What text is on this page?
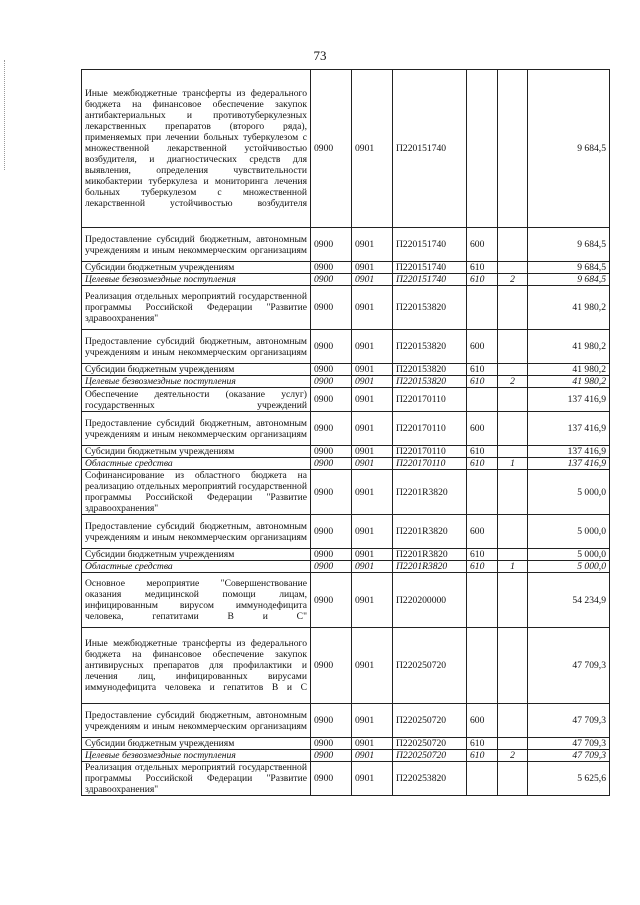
73
Иные межбюджетные трансферты из федерального бюджета на финансовое обеспечение закупок антибактериальных и противотуберкулезных лекарственных препаратов (второго ряда), применяемых при лечении больных туберкулезом с множественной лекарственной устойчивостью возбудителя, и диагностических средств для выявления, определения чувствительности микобактерии туберкулеза и мониторинга лечения больных туберкулезом с множественной лекарственной устойчивостью возбудителя	0900	0901	П220151740			9 684,5
Предоставление субсидий бюджетным, автономным учреждениям и иным некоммерческим организациям	0900	0901	П220151740	600		9 684,5
Субсидии бюджетным учреждениям	0900	0901	П220151740	610		9 684,5
Целевые безвозмездные поступления	0900	0901	П220151740	610	2	9 684,5
Реализация отдельных мероприятий государственной программы Российской Федерации "Развитие здравоохранения"	0900	0901	П220153820			41 980,2
Предоставление субсидий бюджетным, автономным учреждениям и иным некоммерческим организациям	0900	0901	П220153820	600		41 980,2
Субсидии бюджетным учреждениям	0900	0901	П220153820	610		41 980,2
Целевые безвозмездные поступления	0900	0901	П220153820	610	2	41 980,2
Обеспечение деятельности (оказание услуг) государственных учреждений	0900	0901	П220170110			137 416,9
Предоставление субсидий бюджетным, автономным учреждениям и иным некоммерческим организациям	0900	0901	П220170110	600		137 416,9
Субсидии бюджетным учреждениям	0900	0901	П220170110	610		137 416,9
Областные средства	0900	0901	П220170110	610	1	137 416,9
Софинансирование из областного бюджета на реализацию отдельных мероприятий государственной программы Российской Федерации "Развитие здравоохранения"	0900	0901	П2201R3820			5 000,0
Предоставление субсидий бюджетным, автономным учреждениям и иным некоммерческим организациям	0900	0901	П2201R3820	600		5 000,0
Субсидии бюджетным учреждениям	0900	0901	П2201R3820	610		5 000,0
Областные средства	0900	0901	П2201R3820	610	1	5 000,0
Основное мероприятие "Совершенствование оказания медицинской помощи лицам, инфицированным вирусом иммунодефицита человека, гепатитами В и С"	0900	0901	П220200000			54 234,9
Иные межбюджетные трансферты из федерального бюджета на финансовое обеспечение закупок антивирусных препаратов для профилактики и лечения лиц, инфицированных вирусами иммунодефицита человека и гепатитов В и С	0900	0901	П220250720			47 709,3
Предоставление субсидий бюджетным, автономным учреждениям и иным некоммерческим организациям	0900	0901	П220250720	600		47 709,3
Субсидии бюджетным учреждениям	0900	0901	П220250720	610		47 709,3
Целевые безвозмездные поступления	0900	0901	П220250720	610	2	47 709,3
Реализация отдельных мероприятий государственной программы Российской Федерации "Развитие здравоохранения"	0900	0901	П220253820			5 625,6
